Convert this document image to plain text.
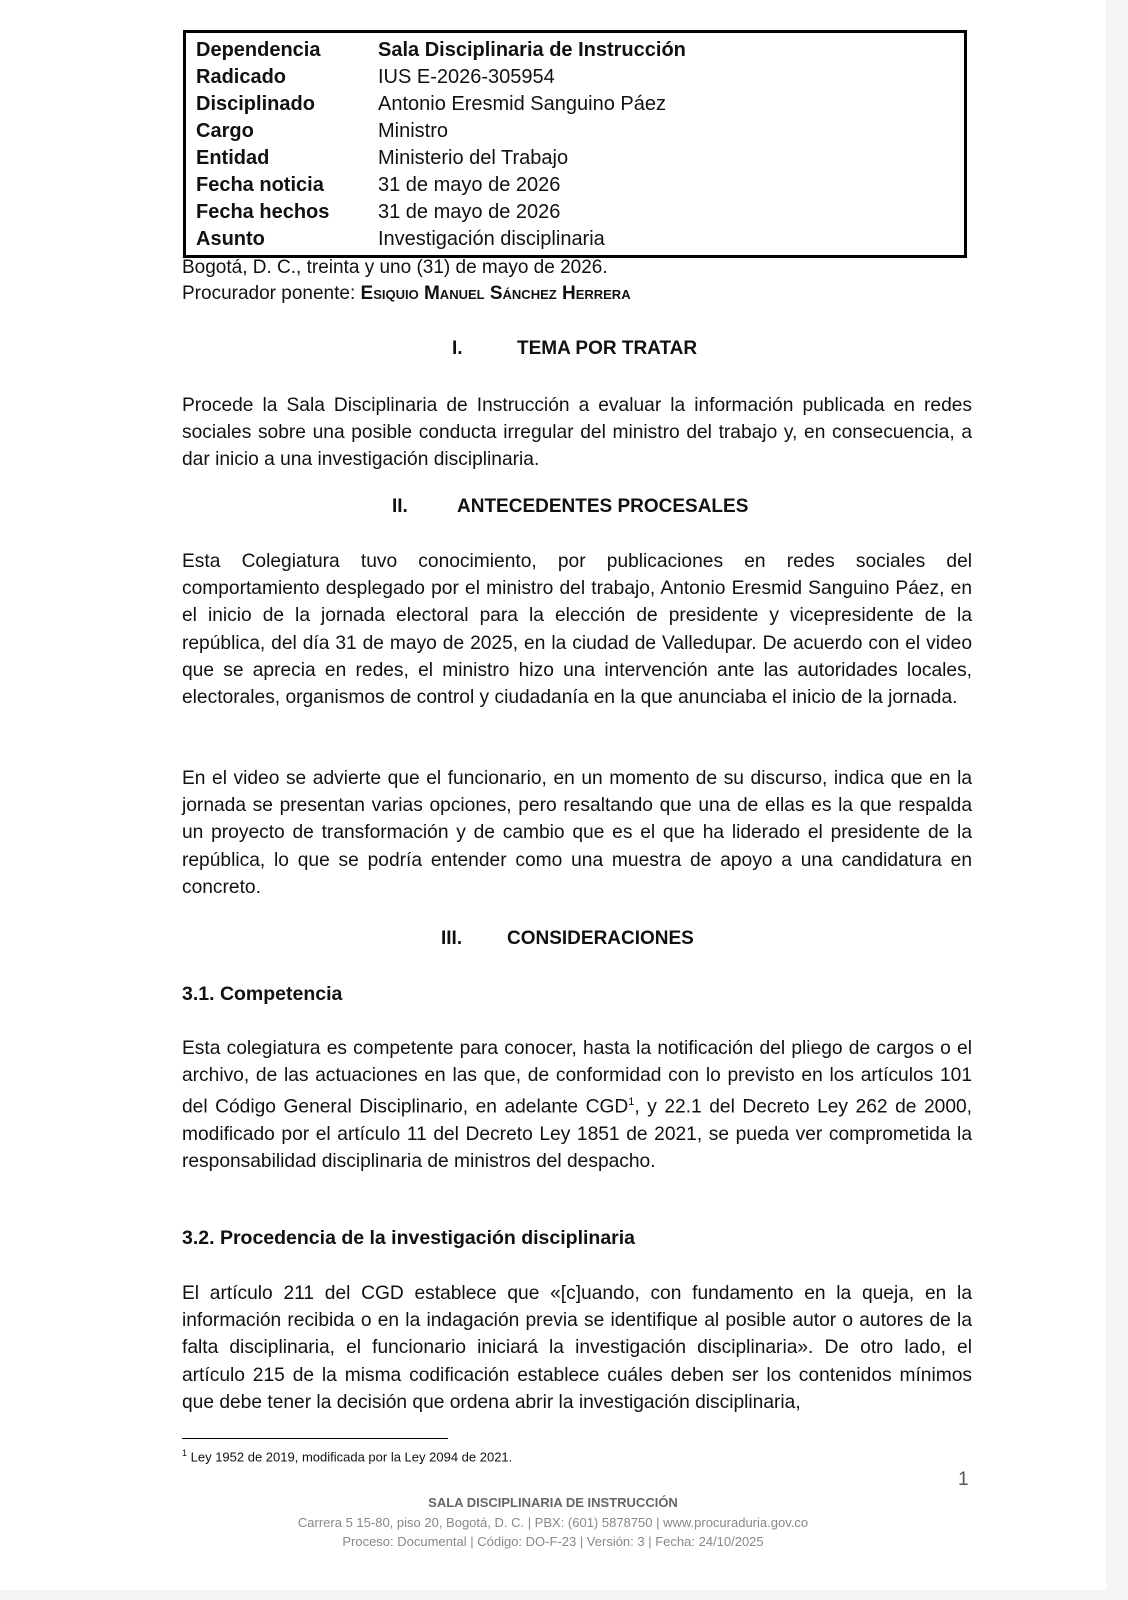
Dependencia	Sala Disciplinaria de Instrucción
Radicado	IUS E-2026-305954
Disciplinado	Antonio Eresmid Sanguino Páez
Cargo	Ministro
Entidad	Ministerio del Trabajo
Fecha noticia	31 de mayo de 2026
Fecha hechos	31 de mayo de 2026
Asunto	Investigación disciplinaria
Bogotá, D. C., treinta y uno (31) de mayo de 2026.
Procurador ponente: Esiquio Manuel Sánchez Herrera
I.	TEMA POR TRATAR
Procede la Sala Disciplinaria de Instrucción a evaluar la información publicada en redes sociales sobre una posible conducta irregular del ministro del trabajo y, en consecuencia, a dar inicio a una investigación disciplinaria.
II.	ANTECEDENTES PROCESALES
Esta Colegiatura tuvo conocimiento, por publicaciones en redes sociales del comportamiento desplegado por el ministro del trabajo, Antonio Eresmid Sanguino Páez, en el inicio de la jornada electoral para la elección de presidente y vicepresidente de la república, del día 31 de mayo de 2025, en la ciudad de Valledupar. De acuerdo con el video que se aprecia en redes, el ministro hizo una intervención ante las autoridades locales, electorales, organismos de control y ciudadanía en la que anunciaba el inicio de la jornada.
En el video se advierte que el funcionario, en un momento de su discurso, indica que en la jornada se presentan varias opciones, pero resaltando que una de ellas es la que respalda un proyecto de transformación y de cambio que es el que ha liderado el presidente de la república, lo que se podría entender como una muestra de apoyo a una candidatura en concreto.
III. CONSIDERACIONES
3.1. Competencia
Esta colegiatura es competente para conocer, hasta la notificación del pliego de cargos o el archivo, de las actuaciones en las que, de conformidad con lo previsto en los artículos 101 del Código General Disciplinario, en adelante CGD$^1$, y 22.1 del Decreto Ley 262 de 2000, modificado por el artículo 11 del Decreto Ley 1851 de 2021, se pueda ver comprometida la responsabilidad disciplinaria de ministros del despacho.
3.2. Procedencia de la investigación disciplinaria
El artículo 211 del CGD establece que «[c]uando, con fundamento en la queja, en la información recibida o en la indagación previa se identifique al posible autor o autores de la falta disciplinaria, el funcionario iniciará la investigación disciplinaria». De otro lado, el artículo 215 de la misma codificación establece cuáles deben ser los contenidos mínimos que debe tener la decisión que ordena abrir la investigación disciplinaria,
$^1$ Ley 1952 de 2019, modificada por la Ley 2094 de 2021.
1
SALA DISCIPLINARIA DE INSTRUCCIÓN
Carrera 5 15-80, piso 20, Bogotá, D. C. | PBX: (601) 5878750 | www.procuraduria.gov.co
Proceso: Documental | Código: DO-F-23 | Versión: 3 | Fecha: 24/10/2025
